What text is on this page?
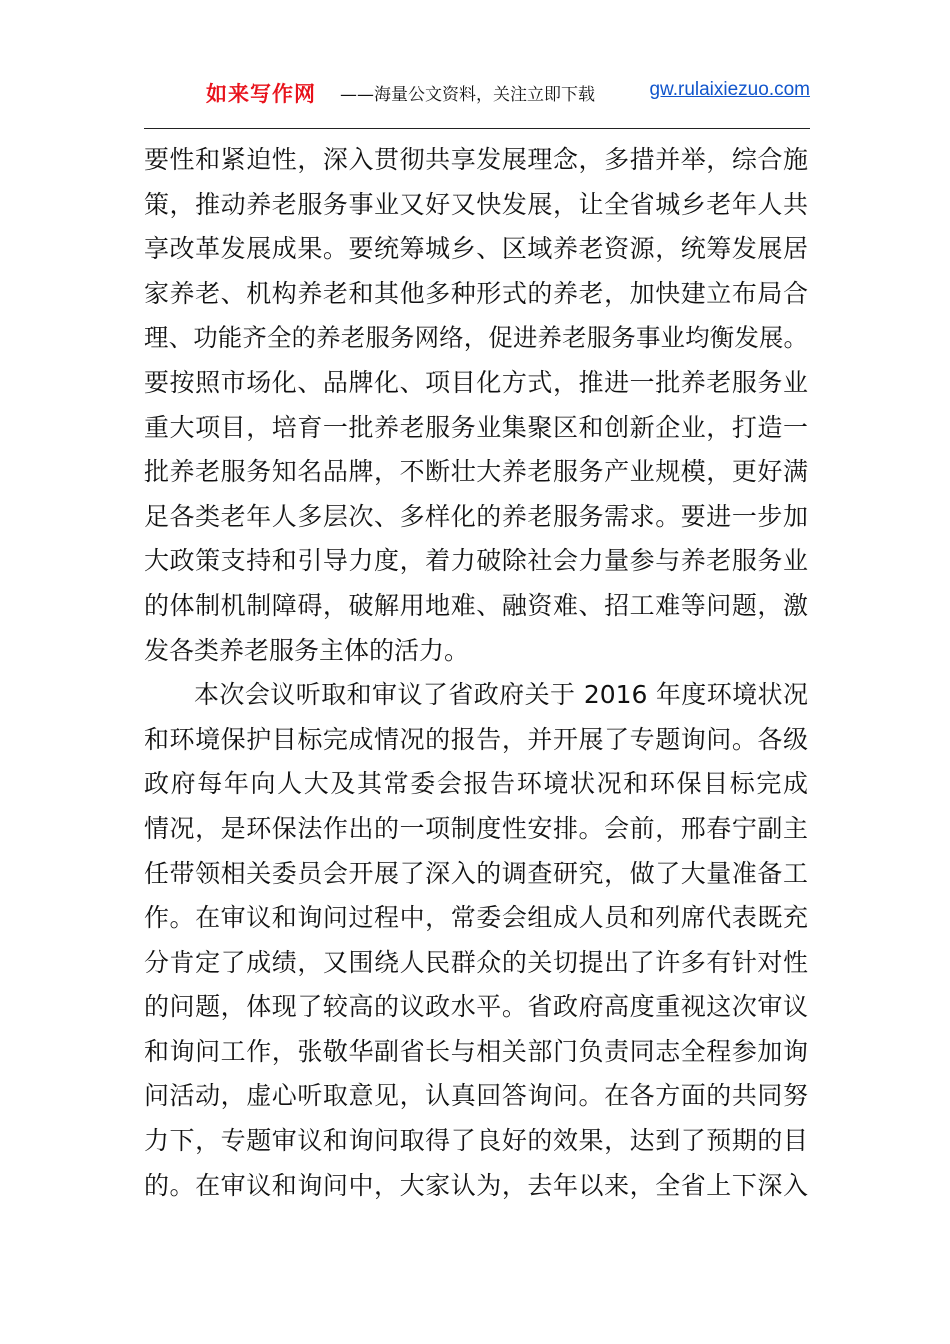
如来写作网 ——海量公文资料，关注立即下载	gw.rulaixiezuo.com
要性和紧迫性，深入贯彻共享发展理念，多措并举，综合施
策，推动养老服务事业又好又快发展，让全省城乡老年人共
享改革发展成果。要统筹城乡、区域养老资源，统筹发展居
家养老、机构养老和其他多种形式的养老，加快建立布局合
理、功能齐全的养老服务网络，促进养老服务事业均衡发展。
要按照市场化、品牌化、项目化方式，推进一批养老服务业
重大项目，培育一批养老服务业集聚区和创新企业，打造一
批养老服务知名品牌，不断壮大养老服务产业规模，更好满
足各类老年人多层次、多样化的养老服务需求。要进一步加
大政策支持和引导力度，着力破除社会力量参与养老服务业
的体制机制障碍，破解用地难、融资难、招工难等问题，激
发各类养老服务主体的活力。
本次会议听取和审议了省政府关于 2016 年度环境状况
和环境保护目标完成情况的报告，并开展了专题询问。各级
政府每年向人大及其常委会报告环境状况和环保目标完成
情况，是环保法作出的一项制度性安排。会前，邢春宁副主
任带领相关委员会开展了深入的调查研究，做了大量准备工
作。在审议和询问过程中，常委会组成人员和列席代表既充
分肯定了成绩，又围绕人民群众的关切提出了许多有针对性
的问题，体现了较高的议政水平。省政府高度重视这次审议
和询问工作，张敬华副省长与相关部门负责同志全程参加询
问活动，虚心听取意见，认真回答询问。在各方面的共同努
力下，专题审议和询问取得了良好的效果，达到了预期的目
的。在审议和询问中，大家认为，去年以来，全省上下深入
